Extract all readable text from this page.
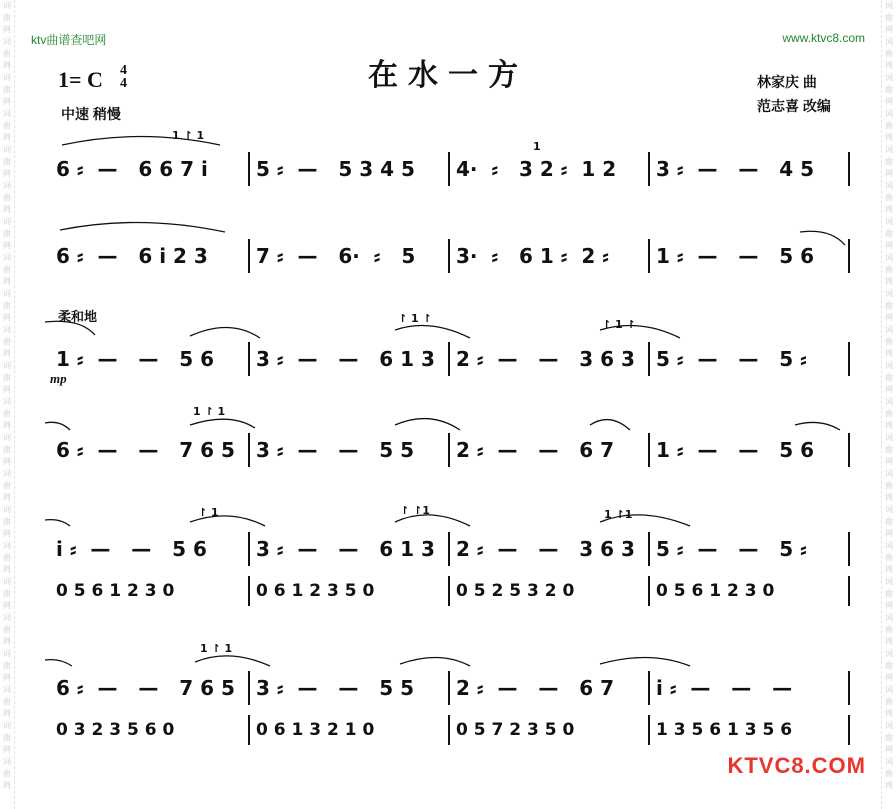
词
曲
网
词
曲
网
词
曲
网
词
曲
网
词
曲
网
词
曲
网
词
曲
网
词
曲
网
词
曲
网
词
曲
网
词
曲
网
词
曲
网
词
曲
网
词
曲
网
词
曲
网
词
曲
网
词
曲
网
词
曲
网
词
曲
网
词
曲
网
词
曲
网
词
曲
网
词
曲
网
词
曲
网
词
曲
网
词
曲
网
词
曲
网
词
曲
网
词
曲
网
词
曲
网
词
曲
网
词
曲
网
词
曲
网
词
曲
网
词
曲
网
词
曲
网
词
曲
网
词
曲
网
词
曲
网
词
曲
网
词
曲
网
词
曲
网
词
曲
网
词
曲
网
ktv曲谱查吧网	www.ktvc8.com
在水一方
1= C 4
4
中速 稍慢
林家庆 曲
范志喜 改编
柔和地
mp
6 ⸗  —   6 6 7 i	5 ⸗  —   5 3 4 5	4·  ⸗   3 2 ⸗  1 2	3 ⸗  —   —   4 5
6 ⸗  —   6 i 2 3	7 ⸗  —   6·  ⸗   5	3·  ⸗   6 1 ⸗  2 ⸗	1 ⸗  —   —   5 6
1 ⸗  —   —   5 6	3 ⸗  —   —   6 1 3	2 ⸗  —   —   3 6 3	5 ⸗  —   —   5 ⸗
6 ⸗  —   —   7 6 5	3 ⸗  —   —   5 5	2 ⸗  —   —   6 7	1 ⸗  —   —   5 6
i ⸗  —   —   5 6	3 ⸗  —   —   6 1 3	2 ⸗  —   —   3 6 3	5 ⸗  —   —   5 ⸗
0 5 6 1 2 3 0	0 6 1 2 3 5 0	0 5 2 5 3 2 0	0 5 6 1 2 3 0
6 ⸗  —   —   7 6 5	3 ⸗  —   —   5 5	2 ⸗  —   —   6 7	i ⸗  —   —   —
0 3 2 3 5 6 0	0 6 1 3 2 1 0	0 5 7 2 3 5 0	1 3 5 6 1 3 5 6
1 ↾ 1
1
↾ 1 ↾	↾ 1 ↾
1 ↾ 1
↾ 1	↾ ↾1	1 ↾1
1 ↾ 1
KTVC8.COM
